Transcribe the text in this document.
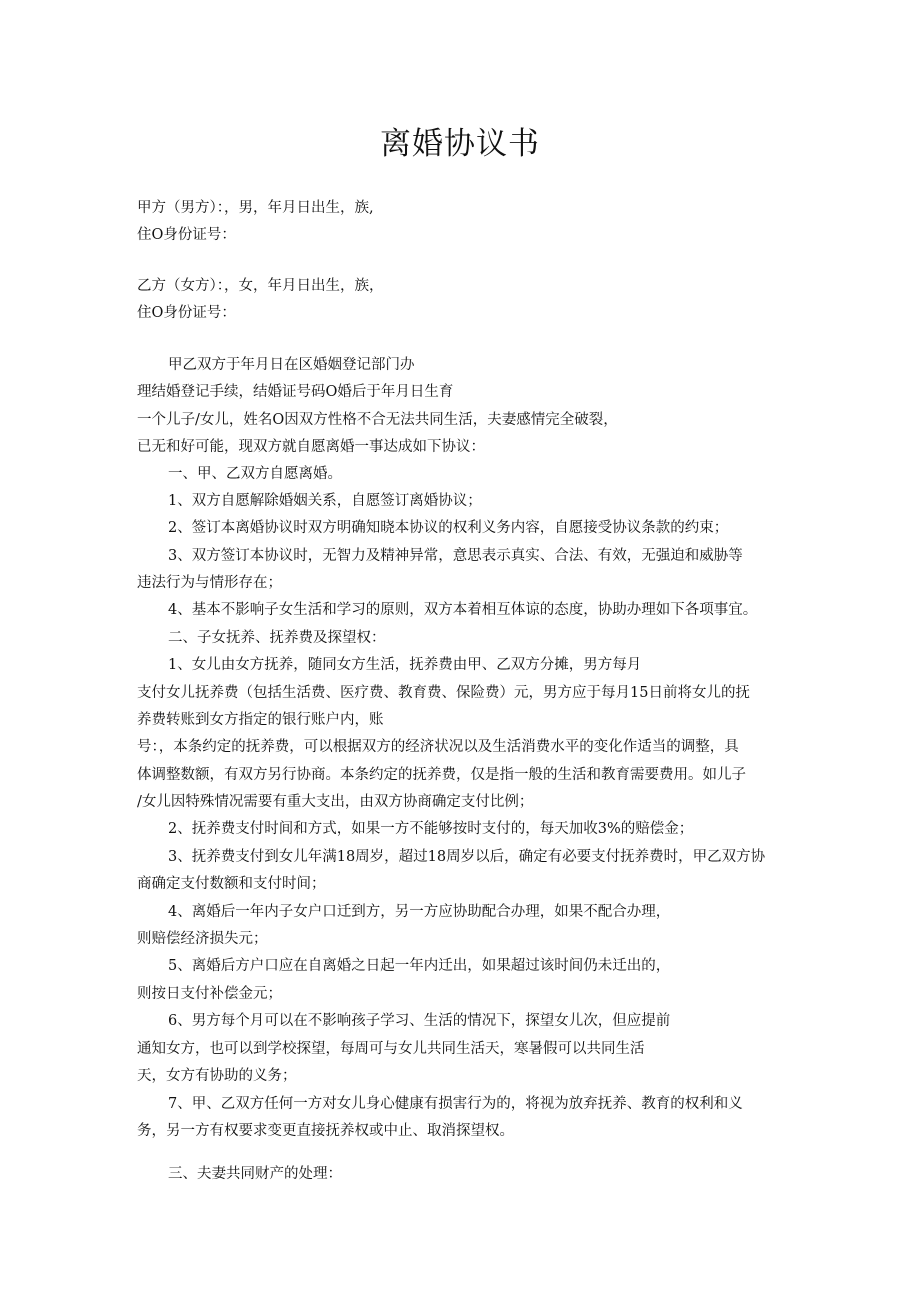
离婚协议书
甲方（男方）：，男，年月日出生，族,
住O身份证号：
乙方（女方）：，女，年月日出生，族，
住O身份证号：
甲乙双方于年月日在区婚姻登记部门办
理结婚登记手续，结婚证号码O婚后于年月日生育
一个儿子/女儿，姓名O因双方性格不合无法共同生活，夫妻感情完全破裂，
已无和好可能，现双方就自愿离婚一事达成如下协议：
一、甲、乙双方自愿离婚。
1、双方自愿解除婚姻关系，自愿签订离婚协议；
2、签订本离婚协议时双方明确知晓本协议的权利义务内容，自愿接受协议条款的约束；
3、双方签订本协议时，无智力及精神异常，意思表示真实、合法、有效，无强迫和威胁等
违法行为与情形存在；
4、基本不影响子女生活和学习的原则，双方本着相互体谅的态度，协助办理如下各项事宜。
二、子女抚养、抚养费及探望权：
1、女儿由女方抚养，随同女方生活，抚养费由甲、乙双方分摊，男方每月
支付女儿抚养费（包括生活费、医疗费、教育费、保险费）元，男方应于每月15日前将女儿的抚
养费转账到女方指定的银行账户内，账
号：，本条约定的抚养费，可以根据双方的经济状况以及生活消费水平的变化作适当的调整，具
体调整数额，有双方另行协商。本条约定的抚养费，仅是指一般的生活和教育需要费用。如儿子
/女儿因特殊情况需要有重大支出，由双方协商确定支付比例；
2、抚养费支付时间和方式，如果一方不能够按时支付的，每天加收3%的赔偿金；
3、抚养费支付到女儿年满18周岁，超过18周岁以后，确定有必要支付抚养费时，甲乙双方协
商确定支付数额和支付时间；
4、离婚后一年内子女户口迁到方，另一方应协助配合办理，如果不配合办理，
则赔偿经济损失元；
5、离婚后方户口应在自离婚之日起一年内迁出，如果超过该时间仍未迁出的，
则按日支付补偿金元；
6、男方每个月可以在不影响孩子学习、生活的情况下，探望女儿次，但应提前
通知女方，也可以到学校探望，每周可与女儿共同生活天，寒暑假可以共同生活
天，女方有协助的义务；
7、甲、乙双方任何一方对女儿身心健康有损害行为的，将视为放弃抚养、教育的权利和义
务，另一方有权要求变更直接抚养权或中止、取消探望权。
三、夫妻共同财产的处理：
